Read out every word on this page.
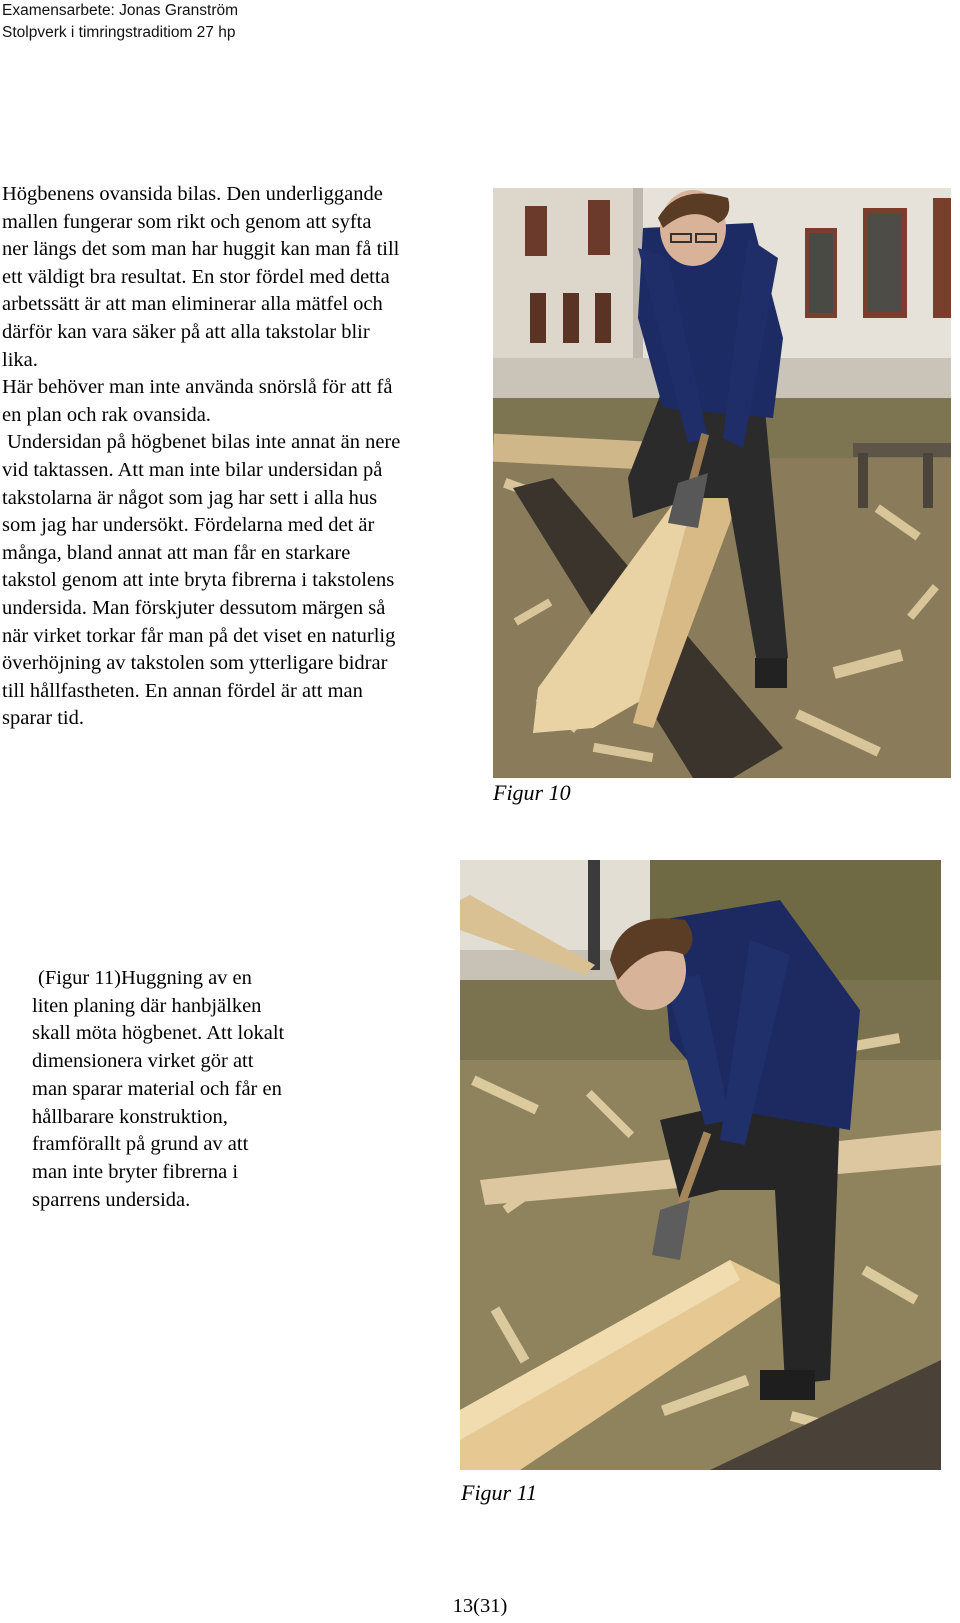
Examensarbete: Jonas Granström
Stolpverk i timringstraditiom 27 hp

Högbenens ovansida bilas. Den underliggande

mallen fungerar som rikt och genom att syfta

ner längs det som man har huggit kan man få till

ett väldigt bra resultat. En stor fördel med detta

arbetssätt är att man eliminerar alla mätfel och

därför kan vara säker på att alla takstolar blir

lika.

Här behöver man inte använda snörslå för att få

en plan och rak ovansida.

Undersidan på högbenet bilas inte annat än nere

vid taktassen. Att man inte bilar undersidan på

takstolarna är något som jag har sett i alla hus

som jag har undersökt. Fördelarna med det är

många, bland annat att man får en starkare

takstol genom att inte bryta fibrerna i takstolens

undersida. Man förskjuter dessutom märgen så

när virket torkar får man på det viset en naturlig

överhöjning av takstolen som ytterligare bidrar

till hållfastheten. En annan fördel är att man

sparar tid.

Figur 10

(Figur 11)Huggning av en

liten planing där hanbjälken

skall möta högbenet. Att lokalt

dimensionera virket gör att

man sparar material och får en

hållbarare konstruktion,

framförallt på grund av att

man inte bryter fibrerna i

sparrens undersida.

Figur 11
13(31)
